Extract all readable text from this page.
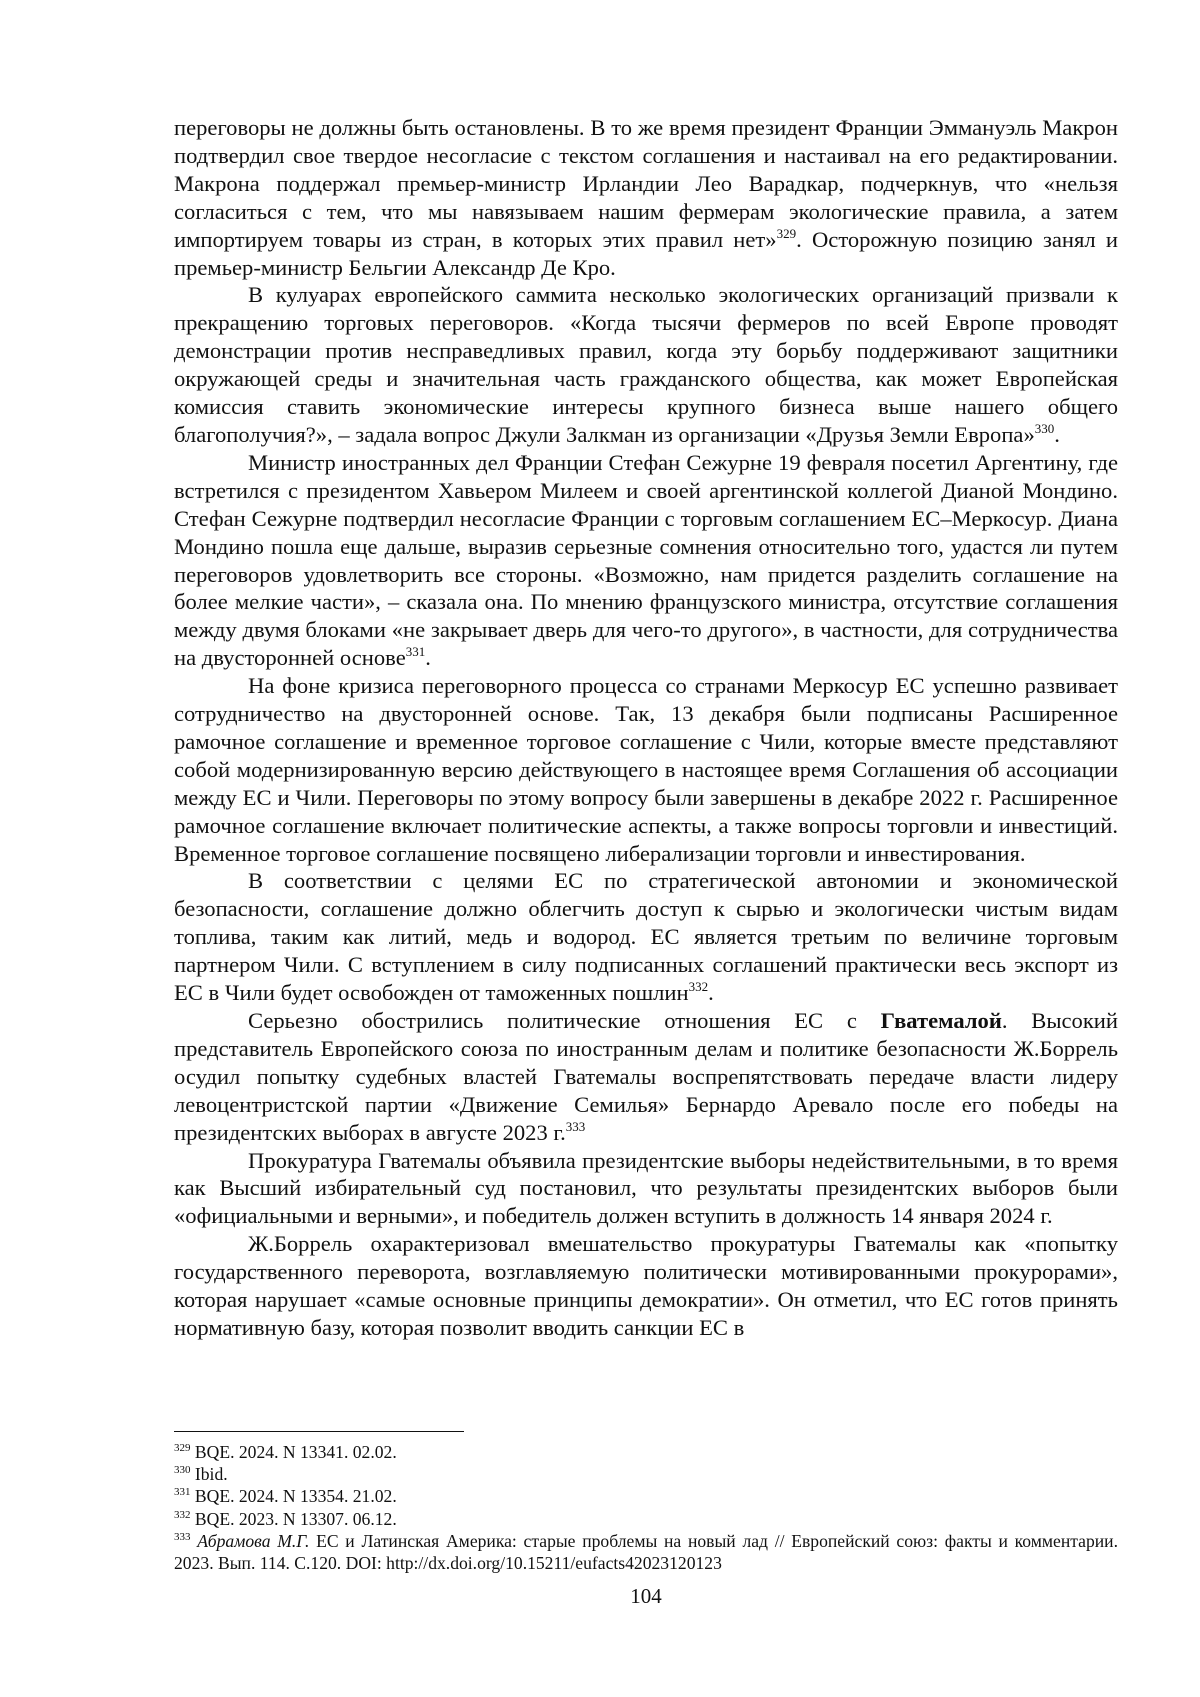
переговоры не должны быть остановлены. В то же время президент Франции Эммануэль Макрон подтвердил свое твердое несогласие с текстом соглашения и настаивал на его редактировании. Макрона поддержал премьер-министр Ирландии Лео Варадкар, подчеркнув, что «нельзя согласиться с тем, что мы навязываем нашим фермерам экологические правила, а затем импортируем товары из стран, в которых этих правил нет»$^{329}$. Осторожную позицию занял и премьер-министр Бельгии Александр Де Кро.

В кулуарах европейского саммита несколько экологических организаций призвали к прекращению торговых переговоров. «Когда тысячи фермеров по всей Европе проводят демонстрации против несправедливых правил, когда эту борьбу поддерживают защитники окружающей среды и значительная часть гражданского общества, как может Европейская комиссия ставить экономические интересы крупного бизнеса выше нашего общего благополучия?», – задала вопрос Джули Залкман из организации «Друзья Земли Европа»$^{330}$.

Министр иностранных дел Франции Стефан Сежурне 19 февраля посетил Аргентину, где встретился с президентом Хавьером Милеем и своей аргентинской коллегой Дианой Мондино. Стефан Сежурне подтвердил несогласие Франции с торговым соглашением ЕС–Меркосур. Диана Мондино пошла еще дальше, выразив серьезные сомнения относительно того, удастся ли путем переговоров удовлетворить все стороны. «Возможно, нам придется разделить соглашение на более мелкие части», – сказала она. По мнению французского министра, отсутствие соглашения между двумя блоками «не закрывает дверь для чего-то другого», в частности, для сотрудничества на двусторонней основе$^{331}$.

На фоне кризиса переговорного процесса со странами Меркосур ЕС успешно развивает сотрудничество на двусторонней основе. Так, 13 декабря были подписаны Расширенное рамочное соглашение и временное торговое соглашение с Чили, которые вместе представляют собой модернизированную версию действующего в настоящее время Соглашения об ассоциации между ЕС и Чили. Переговоры по этому вопросу были завершены в декабре 2022 г. Расширенное рамочное соглашение включает политические аспекты, а также вопросы торговли и инвестиций. Временное торговое соглашение посвящено либерализации торговли и инвестирования.

В соответствии с целями ЕС по стратегической автономии и экономической безопасности, соглашение должно облегчить доступ к сырью и экологически чистым видам топлива, таким как литий, медь и водород. ЕС является третьим по величине торговым партнером Чили. С вступлением в силу подписанных соглашений практически весь экспорт из ЕС в Чили будет освобожден от таможенных пошлин$^{332}$.

Серьезно обострились политические отношения ЕС с Гватемалой. Высокий представитель Европейского союза по иностранным делам и политике безопасности Ж.Боррель осудил попытку судебных властей Гватемалы воспрепятствовать передаче власти лидеру левоцентристской партии «Движение Семилья» Бернардо Аревало после его победы на президентских выборах в августе 2023 г.$^{333}$

Прокуратура Гватемалы объявила президентские выборы недействительными, в то время как Высший избирательный суд постановил, что результаты президентских выборов были «официальными и верными», и победитель должен вступить в должность 14 января 2024 г.

Ж.Боррель охарактеризовал вмешательство прокуратуры Гватемалы как «попытку государственного переворота, возглавляемую политически мотивированными прокурорами», которая нарушает «самые основные принципы демократии». Он отметил, что ЕС готов принять нормативную базу, которая позволит вводить санкции ЕС в

$^{329}$ BQE. 2024. N 13341. 02.02.

$^{330}$ Ibid.

$^{331}$ BQE. 2024. N 13354. 21.02.

$^{332}$ BQE. 2023. N 13307. 06.12.

$^{333}$ Абрамова М.Г. ЕС и Латинская Америка: старые проблемы на новый лад // Европейский союз: факты и комментарии. 2023. Вып. 114. С.120. DOI: http://dx.doi.org/10.15211/eufacts42023120123

104
